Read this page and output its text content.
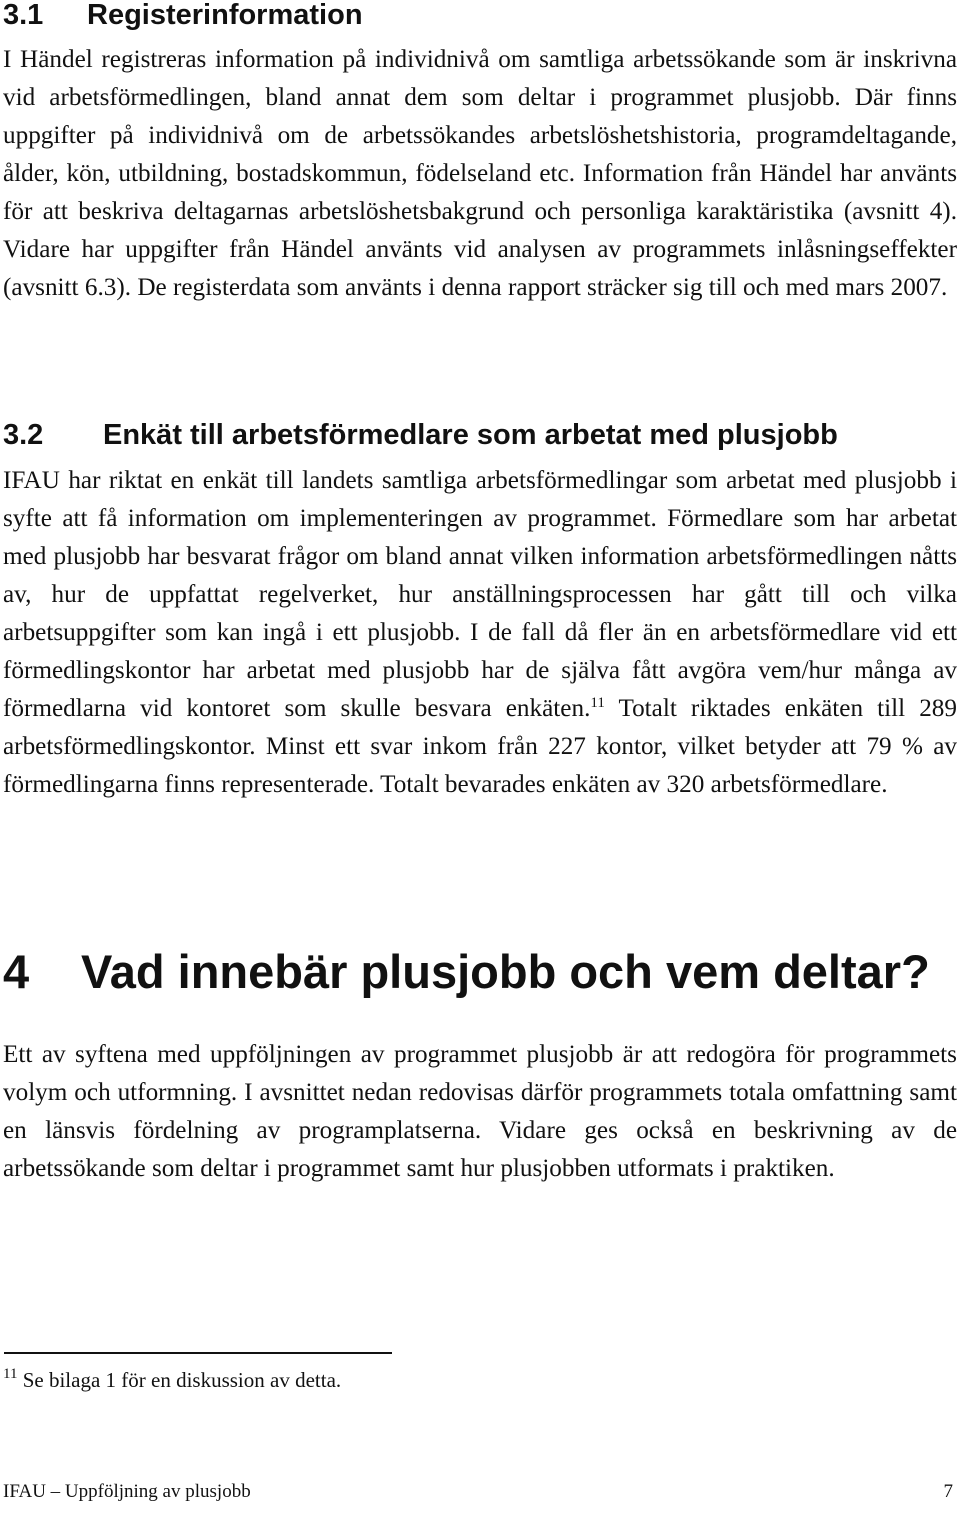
3.1 Registerinformation

I Händel registreras information på individnivå om samtliga arbetssökande som är inskrivna vid arbetsförmedlingen, bland annat dem som deltar i programmet plusjobb. Där finns uppgifter på individnivå om de arbetssökandes arbetslöshetshistoria, programdeltagande, ålder, kön, utbildning, bostadskommun, födelseland etc. Information från Händel har använts för att beskriva deltagarnas arbetslöshetsbakgrund och personliga karaktäristika (avsnitt 4). Vidare har uppgifter från Händel använts vid analysen av programmets inlåsningseffekter (avsnitt 6.3). De registerdata som använts i denna rapport sträcker sig till och med mars 2007.

3.2 Enkät till arbetsförmedlare som arbetat med plusjobb

IFAU har riktat en enkät till landets samtliga arbetsförmedlingar som arbetat med plusjobb i syfte att få information om implementeringen av programmet. Förmedlare som har arbetat med plusjobb har besvarat frågor om bland annat vilken information arbetsförmedlingen nåtts av, hur de uppfattat regelverket, hur anställningsprocessen har gått till och vilka arbetsuppgifter som kan ingå i ett plusjobb. I de fall då fler än en arbetsförmedlare vid ett förmedlingskontor har arbetat med plusjobb har de själva fått avgöra vem/hur många av förmedlarna vid kontoret som skulle besvara enkäten.$^{11}$ Totalt riktades enkäten till 289 arbetsförmedlingskontor. Minst ett svar inkom från 227 kontor, vilket betyder att 79 % av förmedlingarna finns representerade. Totalt bevarades enkäten av 320 arbetsförmedlare.

4 Vad innebär plusjobb och vem deltar?

Ett av syftena med uppföljningen av programmet plusjobb är att redogöra för programmets volym och utformning. I avsnittet nedan redovisas därför programmets totala omfattning samt en länsvis fördelning av programplatserna. Vidare ges också en beskrivning av de arbetssökande som deltar i programmet samt hur plusjobben utformats i praktiken.

$^{11}$ Se bilaga 1 för en diskussion av detta.
IFAU – Uppföljning av plusjobb	7
